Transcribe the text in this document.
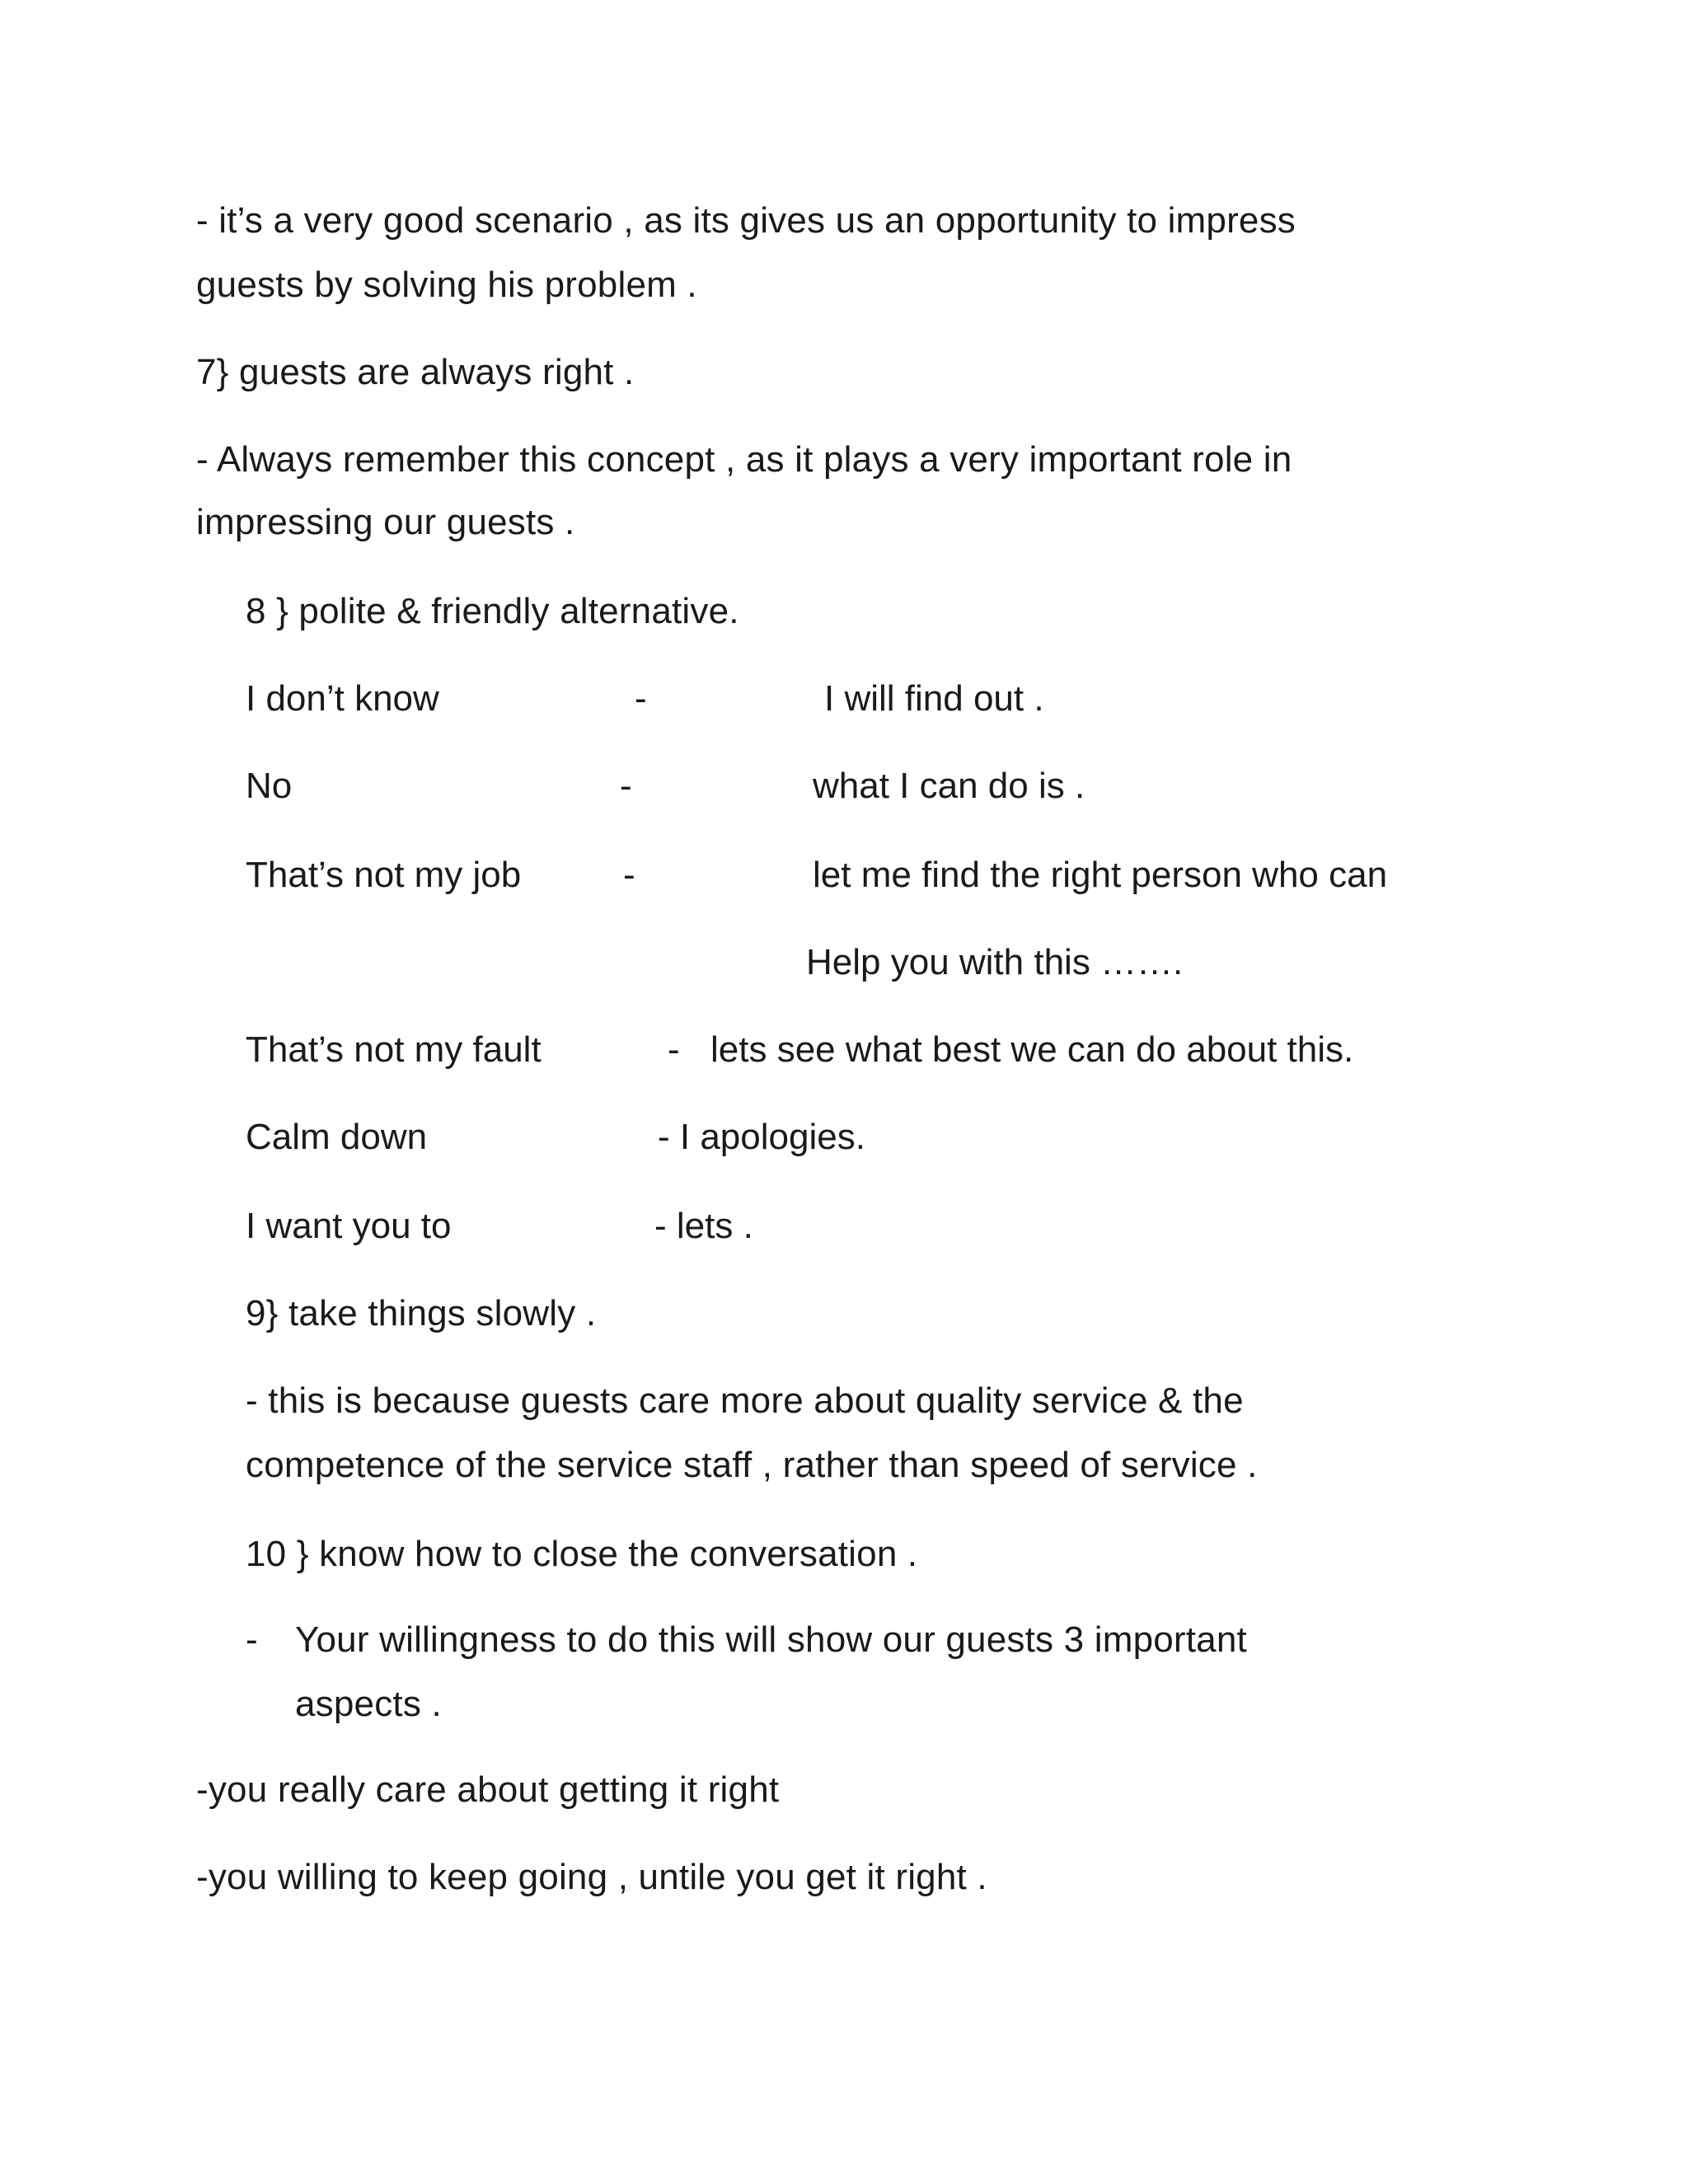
- it’s a very good scenario , as its gives us an opportunity to impress
guests by solving his problem .
7} guests are always right .
- Always remember this concept , as it plays a very important role in
impressing our guests .
8 } polite & friendly alternative.
I don’t know	-	I will find out .
No	-	what I can do is .
That’s not my job	-	let me find the right person who can
Help you with this …….
That’s not my fault	- lets see what best we can do about this.
Calm down	- I apologies.
I want you to	- lets .
9} take things slowly .
- this is because guests care more about quality service & the
competence of the service staff , rather than speed of service .
10 } know how to close the conversation .
- Your willingness to do this will show our guests 3 important
aspects .
-you really care about getting it right
-you willing to keep going , untile you get it right .
